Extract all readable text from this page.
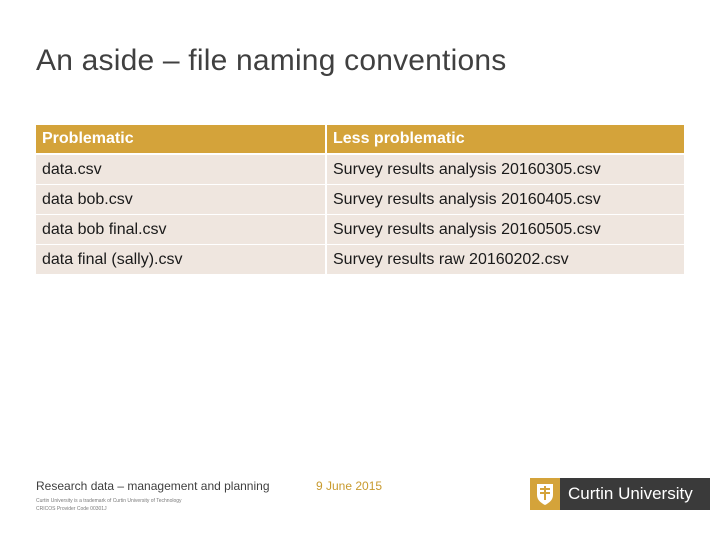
An aside – file naming conventions
Problematic	Less problematic
data.csv	Survey results analysis 20160305.csv
data bob.csv	Survey results analysis 20160405.csv
data bob final.csv	Survey results analysis 20160505.csv
data final (sally).csv	Survey results raw 20160202.csv
Research data – management and planning
Curtin University is a trademark of Curtin University of Technology
CRICOS Provider Code 00301J
9 June 2015	Curtin University
